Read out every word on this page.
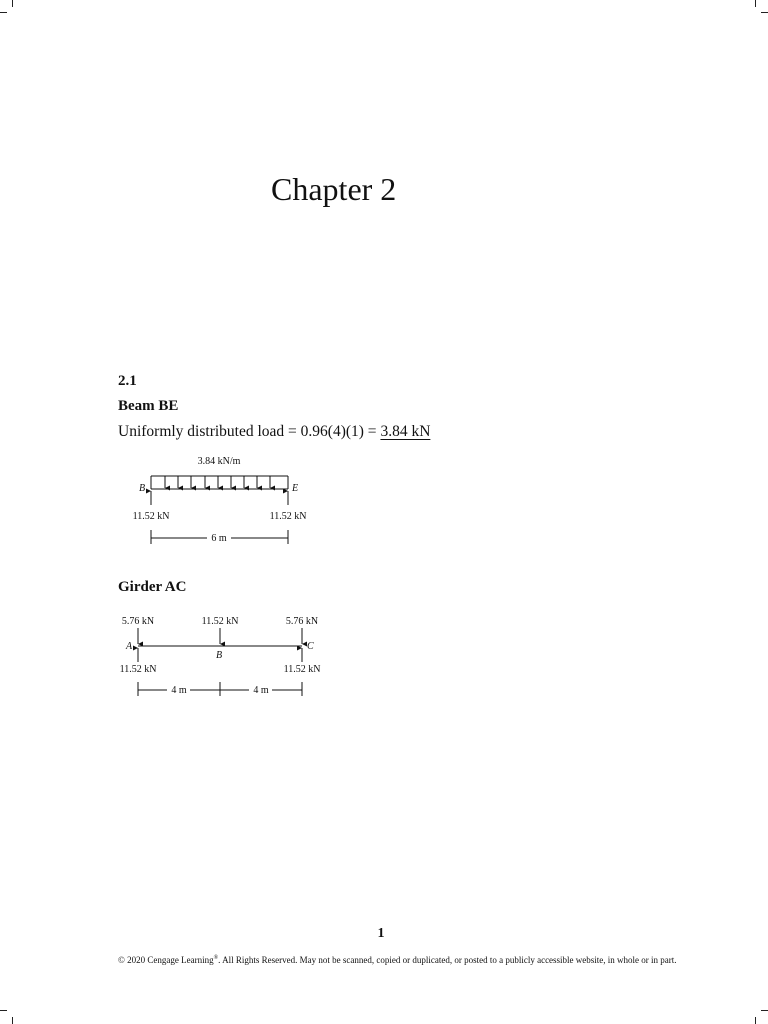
Chapter 2
2.1
Beam BE
Uniformly distributed load = 0.96(4)(1) = 3.84 kN
3.84 kN/m
B	E
11.52 kN	11.52 kN
6 m
Girder AC
5.76 kN	11.52 kN	5.76 kN
A
B
C
11.52 kN	11.52 kN
4 m	4 m
1
© 2020 Cengage Learning®. All Rights Reserved. May not be scanned, copied or duplicated, or posted to a publicly accessible website, in whole or in part.
